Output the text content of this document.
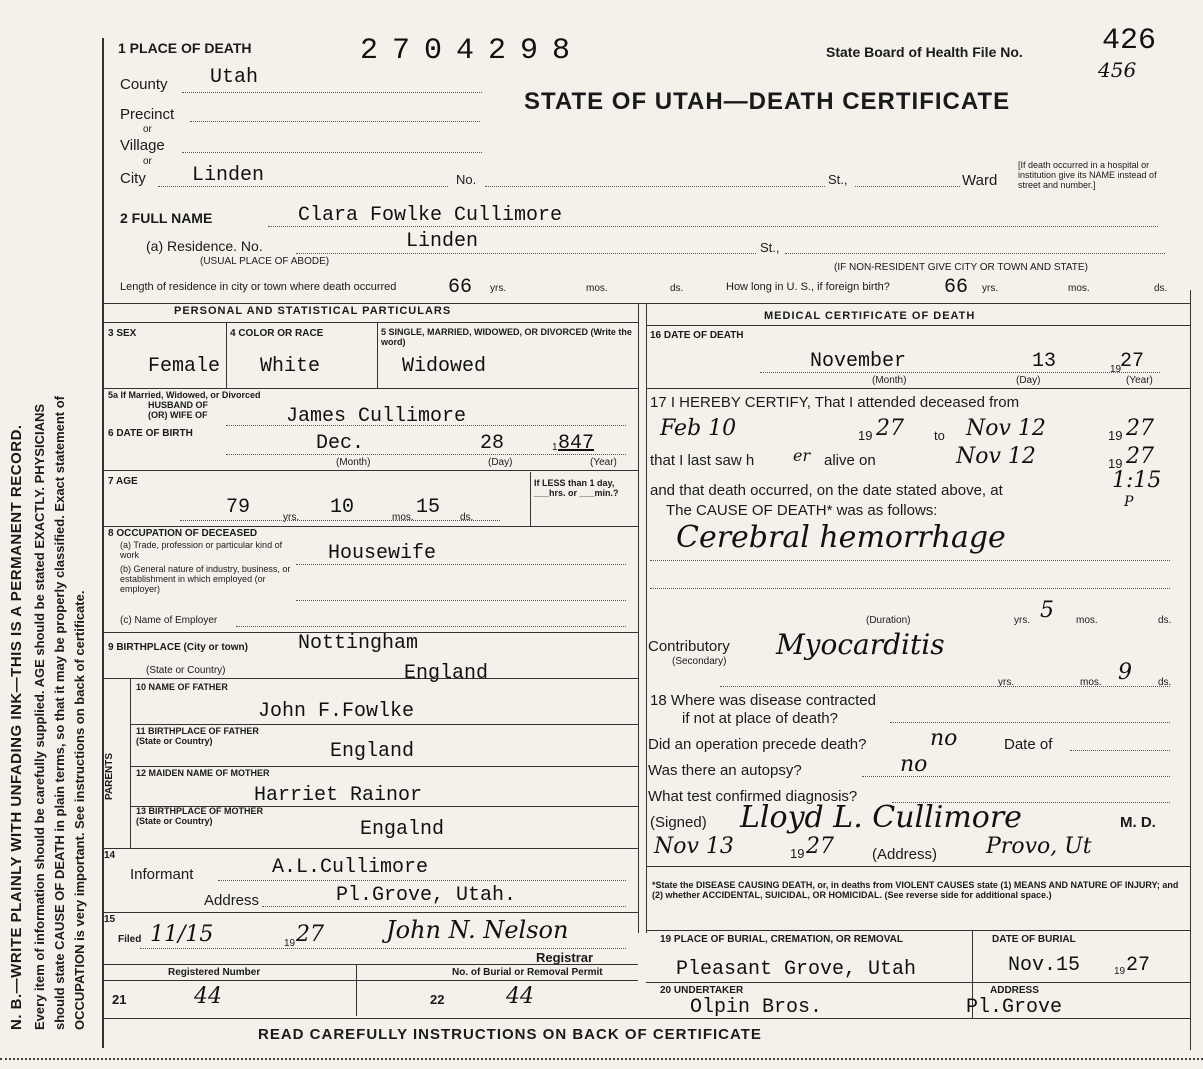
N. B.—WRITE PLAINLY WITH UNFADING INK—THIS IS A PERMANENT RECORD. Every item of information should be carefully supplied. AGE should be stated EXACTLY. PHYSICIANS should state CAUSE OF DEATH in plain terms, so that it may be properly classified. Exact statement of OCCUPATION is very important. See instructions on back of certificate.
1 PLACE OF DEATH	2704298	State Board of Health File No.	426
456
STATE OF UTAH—DEATH CERTIFICATE
County Utah
Precinct
or
Village
or
City Linden	No.	St.,	Ward
[If death occurred in a hospital or institution give its NAME instead of street and number.]
2 FULL NAME	Clara Fowlke Cullimore
(a) Residence. No.	Linden	St.,
(USUAL PLACE OF ABODE)
(IF NON-RESIDENT GIVE CITY OR TOWN AND STATE)
Length of residence in city or town where death occurred	66 yrs.	mos.	ds.	How long in U. S., if foreign birth?	66 yrs.	mos.	ds.
PERSONAL AND STATISTICAL PARTICULARS	MEDICAL CERTIFICATE OF DEATH
3 SEX	4 COLOR OR RACE	5 SINGLE, MARRIED, WIDOWED, OR DIVORCED (Write the word)
Female White	Widowed
5a If Married, Widowed, or Divorced
HUSBAND OF
(OR) WIFE OF	James Cullimore
6 DATE OF BIRTH	Dec.	28	1 847
(Month)	(Day)	(Year)
7 AGE
79	yrs. 10	mos. 15 ds.
If LESS than 1 day, ___hrs. or ___min.?
8 OCCUPATION OF DECEASED
(a) Trade, profession or particular kind of work
(b) General nature of industry, business, or establishment in which employed (or employer)
Housewife
(c) Name of Employer
9 BIRTHPLACE (City or town)	Nottingham
(State or Country)	England
PARENTS
10 NAME OF FATHER
John F.Fowlke
11 BIRTHPLACE OF FATHER (State or Country)	England
12 MAIDEN NAME OF MOTHER
Harriet Rainor
13 BIRTHPLACE OF MOTHER (State or Country)	Engalnd
14
Informant	A.L.Cullimore
Address	Pl.Grove, Utah.
15
Filed 11/15	19 27	John N. Nelson
Registrar
Registered Number	No. of Burial or Removal Permit
21	44	22	44
16 DATE OF DEATH
November	13	19
27
(Month)	(Day)	(Year)
17 I HEREBY CERTIFY, That I attended deceased from
Feb 10	19 27 to Nov 12	19 27
that I last saw h er alive on	Nov 12	19 27
and that death occurred, on the date stated above, at	1:15
P
The CAUSE OF DEATH* was as follows:
Cerebral hemorrhage
(Duration)	yrs. 5 mos.	ds.
Contributory Myocarditis
(Secondary)
yrs.	mos. 9	ds.
18 Where was disease contracted
if not at place of death?
Did an operation precede death?	no	Date of
Was there an autopsy?	no
What test confirmed diagnosis?
(Signed) Lloyd L. Cullimore	M. D.
Nov 13	19 27	(Address) Provo, Ut
*State the DISEASE CAUSING DEATH, or, in deaths from VIOLENT CAUSES state (1) MEANS AND NATURE OF INJURY; and (2) whether ACCIDENTAL, SUICIDAL, OR HOMICIDAL. (See reverse side for additional space.)
19 PLACE OF BURIAL, CREMATION, OR REMOVAL	DATE OF BURIAL
Pleasant Grove, Utah	Nov.15	19 27
20 UNDERTAKER	ADDRESS
Olpin Bros.	Pl.Grove
READ CAREFULLY INSTRUCTIONS ON BACK OF CERTIFICATE
